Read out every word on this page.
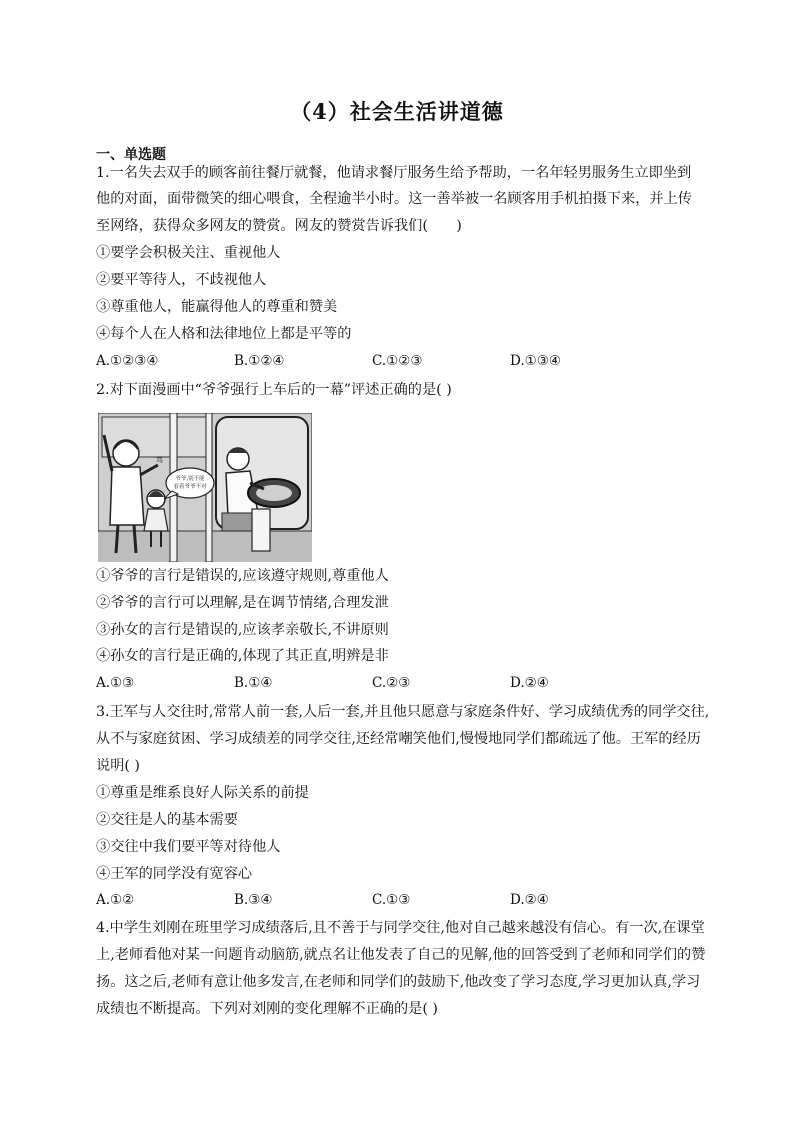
（4）社会生活讲道德
一、单选题
1.一名失去双手的顾客前往餐厅就餐，他请求餐厅服务生给予帮助，一名年轻男服务生立即坐到
他的对面，面带微笑的细心喂食，全程逾半小时。这一善举被一名顾客用手机拍摄下来，并上传
至网络，获得众多网友的赞赏。网友的赞赏告诉我们(　　)
①要学会积极关注、重视他人
②要平等待人，不歧视他人
③尊重他人，能赢得他人的尊重和赞美
④每个人在人格和法律地位上都是平等的
A.①②③④	B.①②④	C.①②③	D.①③④
2.对下面漫画中“爷爷强行上车后的一幕”评述正确的是( )
骂
爷爷,别不能
看着爷爷不对
①爷爷的言行是错误的,应该遵守规则,尊重他人
②爷爷的言行可以理解,是在调节情绪,合理发泄
③孙女的言行是错误的,应该孝亲敬长,不讲原则
④孙女的言行是正确的,体现了其正直,明辨是非
A.①③	B.①④	C.②③	D.②④
3.王军与人交往时,常常人前一套,人后一套,并且他只愿意与家庭条件好、学习成绩优秀的同学交往,
从不与家庭贫困、学习成绩差的同学交往,还经常嘲笑他们,慢慢地同学们都疏远了他。王军的经历
说明( )
①尊重是维系良好人际关系的前提
②交往是人的基本需要
③交往中我们要平等对待他人
④王军的同学没有宽容心
A.①②	B.③④	C.①③	D.②④
4.中学生刘刚在班里学习成绩落后,且不善于与同学交往,他对自己越来越没有信心。有一次,在课堂
上,老师看他对某一问题肯动脑筋,就点名让他发表了自己的见解,他的回答受到了老师和同学们的赞
扬。这之后,老师有意让他多发言,在老师和同学们的鼓励下,他改变了学习态度,学习更加认真,学习
成绩也不断提高。下列对刘刚的变化理解不正确的是( )
